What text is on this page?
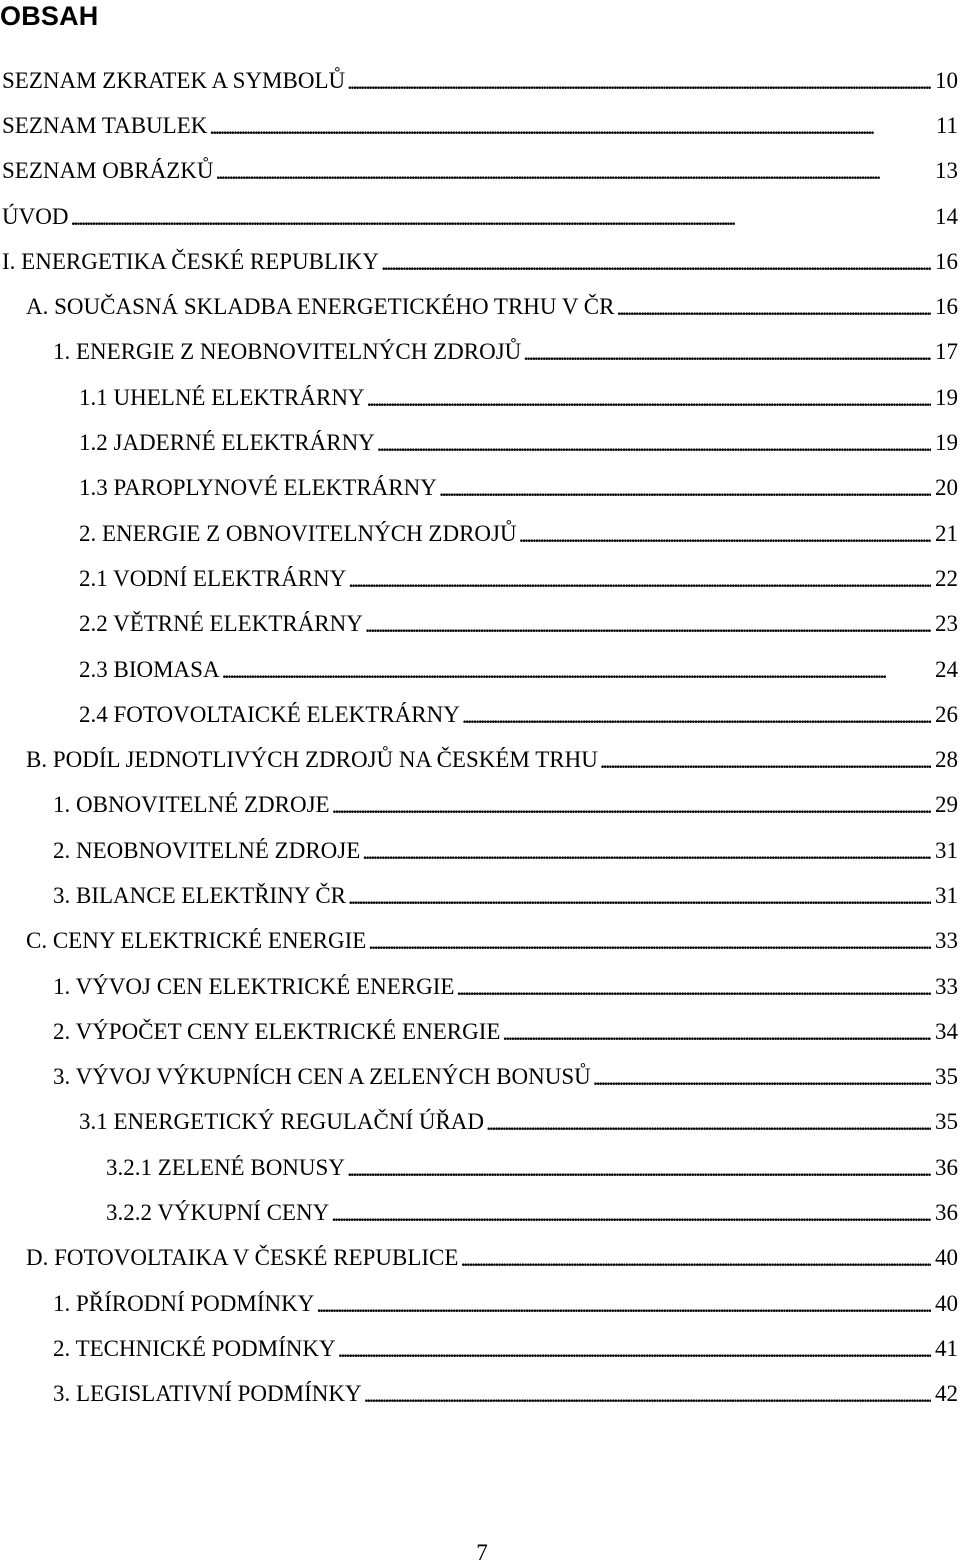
OBSAH
SEZNAM ZKRATEK A SYMBOLŮ . . .	10
SEZNAM TABULEK . . .	11
SEZNAM OBRÁZKŮ . . .	13
ÚVOD . . .	14
I. ENERGETIKA ČESKÉ REPUBLIKY . . .	16
A. SOUČASNÁ SKLADBA ENERGETICKÉHO TRHU V ČR . . .	16
1. ENERGIE Z NEOBNOVITELNÝCH ZDROJŮ . . .	17
1.1 UHELNÉ ELEKTRÁRNY . . .	19
1.2 JADERNÉ ELEKTRÁRNY . . .	19
1.3 PAROPLYNOVÉ ELEKTRÁRNY . . .	20
2. ENERGIE Z OBNOVITELNÝCH ZDROJŮ . . .	21
2.1 VODNÍ ELEKTRÁRNY . . .	22
2.2 VĚTRNÉ ELEKTRÁRNY . . .	23
2.3 BIOMASA . . .	24
2.4 FOTOVOLTAICKÉ ELEKTRÁRNY . . .	26
B. PODÍL JEDNOTLIVÝCH ZDROJŮ NA ČESKÉM TRHU . . .	28
1. OBNOVITELNÉ ZDROJE . . .	29
2. NEOBNOVITELNÉ ZDROJE . . .	31
3. BILANCE ELEKTŘINY ČR . . .	31
C. CENY ELEKTRICKÉ ENERGIE . . .	33
1. VÝVOJ CEN ELEKTRICKÉ ENERGIE . . .	33
2. VÝPOČET CENY ELEKTRICKÉ ENERGIE . . .	34
3. VÝVOJ VÝKUPNÍCH CEN A ZELENÝCH BONUSŮ . . .	35
3.1 ENERGETICKÝ REGULAČNÍ ÚŘAD . . .	35
3.2.1 ZELENÉ BONUSY . . .	36
3.2.2 VÝKUPNÍ CENY . . .	36
D. FOTOVOLTAIKA V ČESKÉ REPUBLICE . . .	40
1. PŘÍRODNÍ PODMÍNKY . . .	40
2. TECHNICKÉ PODMÍNKY . . .	41
3. LEGISLATIVNÍ PODMÍNKY . . .	42
7
